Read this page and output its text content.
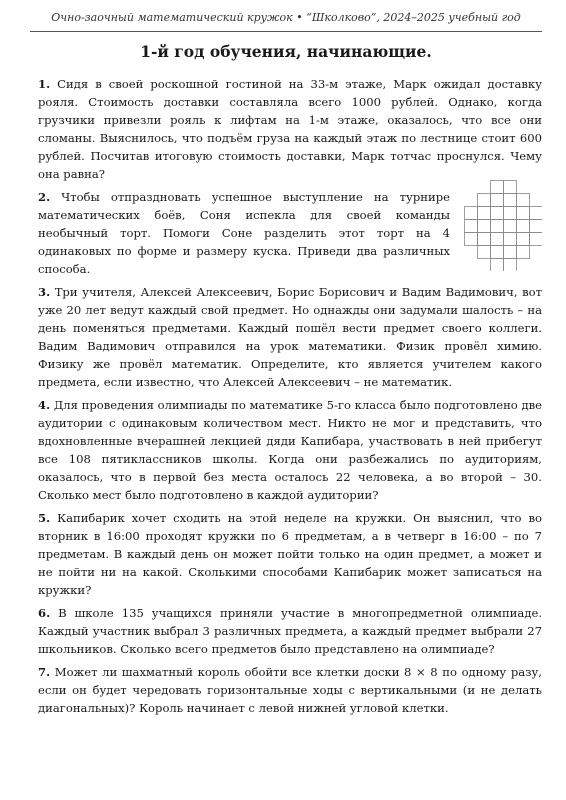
Очно-заочный математический кружок • “Школково”, 2024–2025 учебный год
1-й год обучения, начинающие.

1. Сидя в своей роскошной гостиной на 33-м этаже, Марк ожидал доставку рояля. Стоимость доставки составляла всего 1000 рублей. Однако, когда грузчики привезли рояль к лифтам на 1-м этаже, оказалось, что все они сломаны. Выяснилось, что подъём груза на каждый этаж по лестнице стоит 600 рублей. Посчитав итоговую стоимость доставки, Марк тотчас проснулся. Чему она равна?

2. Чтобы отпраздновать успешное выступление на турнире математических боёв, Соня испекла для своей команды необычный торт. Помоги Соне разделить этот торт на 4 одинаковых по форме и размеру куска. Приведи два различных способа.

3. Три учителя, Алексей Алексеевич, Борис Борисович и Вадим Вадимович, вот уже 20 лет ведут каждый свой предмет. Но однажды они задумали шалость – на день поменяться предметами. Каждый пошёл вести предмет своего коллеги. Вадим Вадимович отправился на урок математики. Физик провёл химию. Физику же провёл математик. Определите, кто является учителем какого предмета, если известно, что Алексей Алексеевич – не математик.

4. Для проведения олимпиады по математике 5-го класса было подготовлено две аудитории с одинаковым количеством мест. Никто не мог и представить, что вдохновленные вчерашней лекцией дяди Капибара, участвовать в ней прибегут все 108 пятиклассников школы. Когда они разбежались по аудиториям, оказалось, что в первой без места осталось 22 человека, а во второй – 30. Сколько мест было подготовлено в каждой аудитории?

5. Капибарик хочет сходить на этой неделе на кружки. Он выяснил, что во вторник в 16:00 проходят кружки по 6 предметам, а в четверг в 16:00 – по 7 предметам. В каждый день он может пойти только на один предмет, а может и не пойти ни на какой. Сколькими способами Капибарик может записаться на кружки?

6. В школе 135 учащихся приняли участие в многопредметной олимпиаде. Каждый участник выбрал 3 различных предмета, а каждый предмет выбрали 27 школьников. Сколько всего предметов было представлено на олимпиаде?

7. Может ли шахматный король обойти все клетки доски 8 × 8 по одному разу, если он будет чередовать горизонтальные ходы с вертикальными (и не делать диагональных)? Король начинает с левой нижней угловой клетки.
